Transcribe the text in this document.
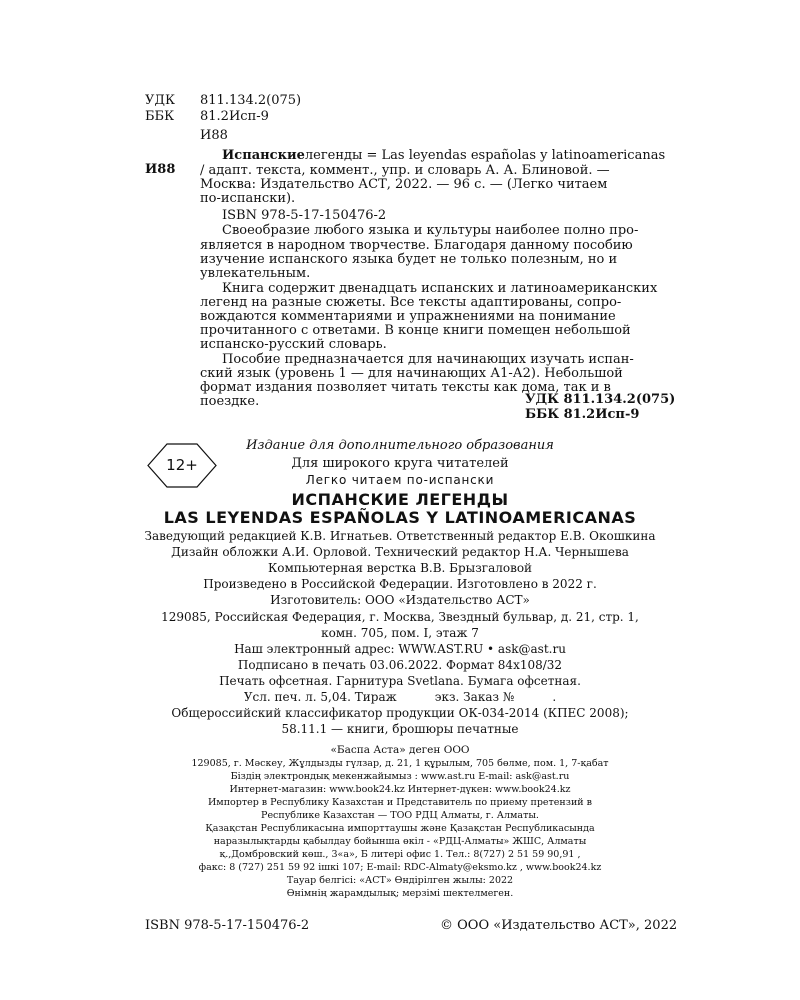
УДК 811.134.2(075)
ББК 81.2Исп-9
И88
И88
Испанскиелегенды = Las leyendas españolas y latinoamericanas
/ адапт. текста, коммент., упр. и словарь А. А. Блиновой. —
Москва: Издательство АСТ, 2022. — 96 с. — (Легко читаем
по-испански).
ISBN 978-5-17-150476-2
Своеобразие любого языка и культуры наиболее полно про-
является в народном творчестве. Благодаря данному пособию
изучение испанского языка будет не только полезным, но и
увлекательным.
Книга содержит двенадцать испанских и латиноамериканских
легенд на разные сюжеты. Все тексты адаптированы, сопро-
вождаются комментариями и упражнениями на понимание
прочитанного с ответами. В конце книги помещен небольшой
испанско-русский словарь.
Пособие предназначается для начинающих изучать испан-
ский язык (уровень 1 — для начинающих А1-А2). Небольшой
формат издания позволяет читать тексты как дома, так и в
поездке.	УДК 811.134.2(075)
ББК 81.2Исп-9
12+
Издание для дополнительного образования
Для широкого круга читателей
Легко читаем по-испански
ИСПАНСКИЕ ЛЕГЕНДЫ
LAS LEYENDAS ESPAÑOLAS Y LATINOAMERICANAS
Заведующий редакцией К.В. Игнатьев. Ответственный редактор Е.В. Окошкина
Дизайн обложки А.И. Орловой. Технический редактор Н.А. Чернышева
Компьютерная верстка В.В. Брызгаловой
Произведено в Российской Федерации. Изготовлено в 2022 г.
Изготовитель: ООО «Издательство АСТ»
129085, Российская Федерация, г. Москва, Звездный бульвар, д. 21, стр. 1,
комн. 705, пом. I, этаж 7
Наш электронный адрес: WWW.AST.RU • ask@ast.ru
Подписано в печать 03.06.2022. Формат 84x108/32
Печать офсетная. Гарнитура Svetlana. Бумага офсетная.
Усл. печ. л. 5,04. Тираж          экз. Заказ №          .
Общероссийский классификатор продукции ОК-034-2014 (КПЕС 2008);
58.11.1 — книги, брошюры печатные
«Баспа Аста» деген ООО
129085, г. Мәскеу, Жұлдызды гүлзар, д. 21, 1 құрылым, 705 бөлме, пом. 1, 7-қабат
Біздің электрондық мекенжайымыз : www.ast.ru E-mail: ask@ast.ru
Интернет-магазин: www.book24.kz Интернет-дүкен: www.book24.kz
Импортер в Республику Казахстан и Представитель по приему претензий в
Республике Казахстан — ТОО РДЦ Алматы, г. Алматы.
Қазақстан Республикасына импорттаушы және Қазақстан Республикасында
наразылықтарды қабылдау бойынша өкіл - «РДЦ-Алматы» ЖШС, Алматы
қ.,Домбровский көш., 3«а», Б литері офис 1. Тел.: 8(727) 2 51 59 90,91 ,
факс: 8 (727) 251 59 92 ішкі 107; E-mail: RDC-Almaty@eksmo.kz , www.book24.kz
Тауар белгісі: «АСТ» Өндірілген жылы: 2022
Өнімнің жарамдылық; мерзімі шектелмеген.
ISBN 978-5-17-150476-2	© ООО «Издательство АСТ», 2022
